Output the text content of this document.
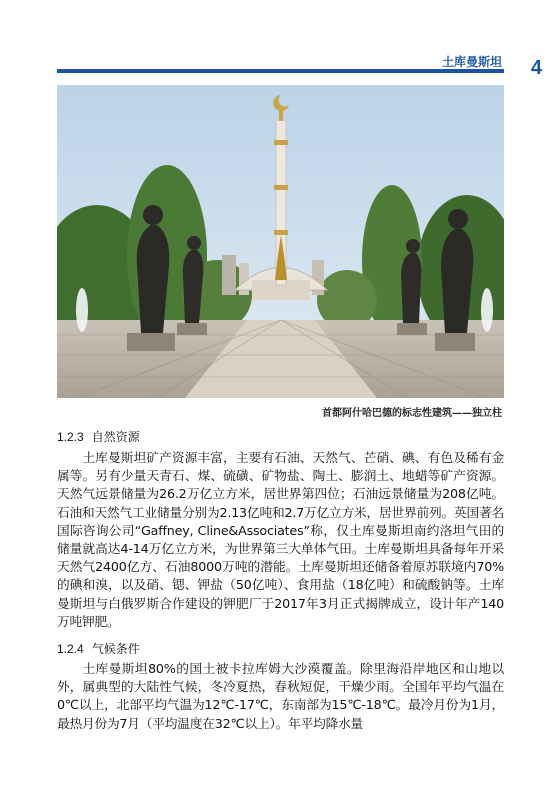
土库曼斯坦 4
首都阿什哈巴德的标志性建筑——独立柱
1.2.3 自然资源

土库曼斯坦矿产资源丰富，主要有石油、天然气、芒硝、碘、有色及稀有金属等。另有少量天青石、煤、硫磺、矿物盐、陶土、膨润土、地蜡等矿产资源。天然气远景储量为26.2万亿立方米，居世界第四位；石油远景储量为208亿吨。石油和天然气工业储量分别为2.13亿吨和2.7万亿立方米，居世界前列。英国著名国际咨询公司“Gaffney, Cline&Associates”称，仅土库曼斯坦南约洛坦气田的储量就高达4-14万亿立方米，为世界第三大单体气田。土库曼斯坦具备每年开采天然气2400亿方、石油8000万吨的潜能。土库曼斯坦还储备着原苏联境内70%的碘和溴，以及硝、锶、钾盐（50亿吨）、食用盐（18亿吨）和硫酸钠等。土库曼斯坦与白俄罗斯合作建设的钾肥厂于2017年3月正式揭牌成立，设计年产140万吨钾肥。

1.2.4 气候条件

土库曼斯坦80%的国土被卡拉库姆大沙漠覆盖。除里海沿岸地区和山地以外，属典型的大陆性气候，冬冷夏热，春秋短促，干燥少雨。全国年平均气温在0℃以上，北部平均气温为12℃-17℃，东南部为15℃-18℃。最冷月份为1月，最热月份为7月（平均温度在32℃以上）。年平均降水量
